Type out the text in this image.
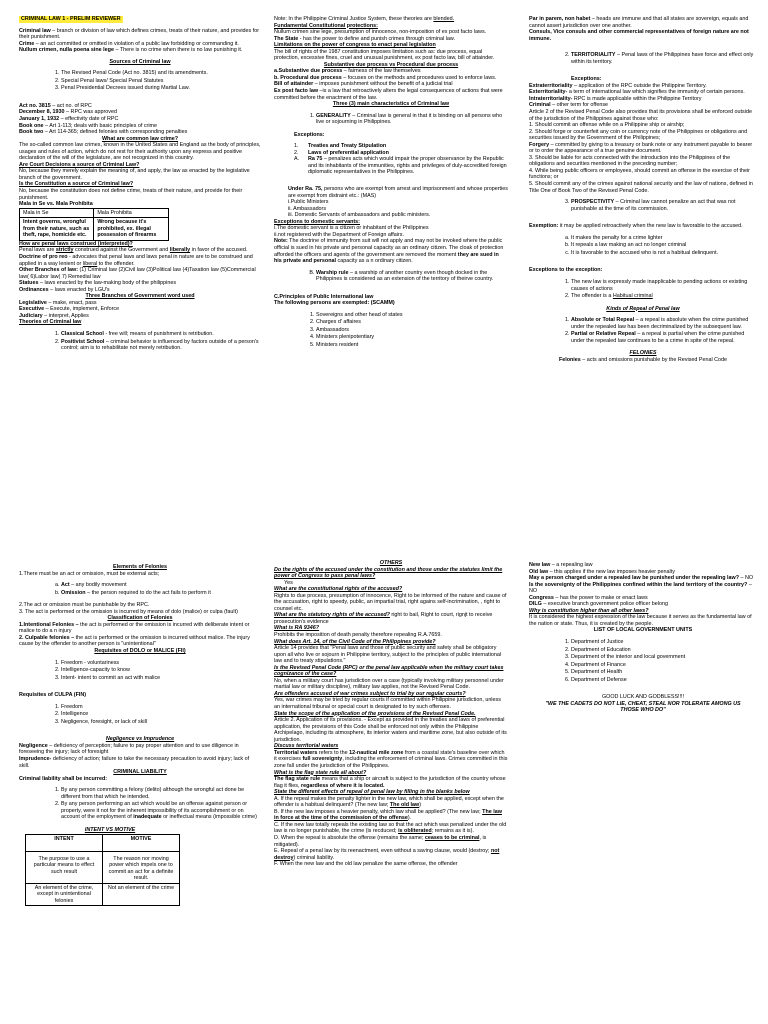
CRIMINAL LAW 1 - PRELIM REVIEWER

Criminal law – branch or division of law which defines crimes, treats of their nature, and provides for their punishment.

Crime – an act committed or omitted in violation of a public law forbidding or commanding it.

Nullum crimen, nulla poena sine lege – There is no crime when there is no law punishing it.

Sources of Criminal law

1. The Revised Penal Code (Act no. 3815) and its amendments.
2. Special Penal laws/ Special Penal Statutes
3. Penal Presidential Decrees issued during Martial Law.

Act no. 3815 – act no. of RPC

December 8, 1930 – RPC was approved

January 1, 1932 – effectivity date of RPC

Book one – Art 1-113; deals with basic principles of crime

Book two – Art 114-365; defined felonies with corresponding penalties

What are common law crime?

The so-called common law crimes, known in the United States and England as the body of principles, usages and rules of action, which do not rest for their authority upon any express and positive declaration of the will of the legislature, are not recognized in this country.

Are Court Decisions a source of Criminal Law?

No, because they merely explain the meaning of, and apply, the law as enacted by the legislative branch of the government.

Is the Constitution a source of Criminal law?

No, because the constitution does not define crime, treats of their nature, and provide for their punishment.

Mala in Se vs. Mala Prohibita

Mala in Se	Mala Prohibita
Intent governs, wrongful from their nature, such as theft, rape, homicide etc.	Wrong because it's prohibited, ex. illegal possession of firearms

How are penal laws construed (interpreted)?

Penal laws are strictly construed against the Government and liberally in favor of the accused.

Doctrine of pro reo - advocates that penal laws and laws penal in nature are to be construed and applied in a way lenient or liberal to the offender.

Other Branches of law: (1) Criminal law (2)Civil law (3)Political law (4)Taxation law (5)Commercial law( 6)Labor law( 7) Remedial law

Statues – laws enacted by the law-making body of the philippines

Ordinances – laws enacted by LGU's

Three Branches of Government word used

Legislative – make, enact, pass

Executive – Execute, implement, Enforce

Judiciary – interpret, Applies

Theories of Criminal law

1. Classical School - free will; means of punishment is retribution.
2. Positivist School – criminal behavior is influenced by factors outside of a person's control; aim is to rehabilitate not merely retribution.

Note: In the Philippine Criminal Justice System, these theories are blended.

Fundamental Constitutional protections:

Nullum crimen sine lege, presumption of innocence, non-imposition of ex post facto laws.

The State - has the power to define and punish crimes through criminal law.

Limitations on the power of congress to enact penal legislation

The bill of rights of the 1987 constitution imposes limitation such as: due process, equal protection, excessive fines, cruel and unusual punishment, ex post facto law, bill of attainder.

Substantive due process vs Procedural due process

a.Substantive due process – fairness of the law themselves

b. Procedural due process – focuses on the methods and procedures used to enforce laws.

Bill of attainder – imposes punishment without the benefit of a judicial trial

Ex post facto law –is a law that retroactively alters the legal consequences of actions that were committed before the enactment of the law.

Three (3) main characteristics of Criminal law

1. GENERALITY – Criminal law is general in that it is binding on all persons who live or sojourning in Philippines.

Exceptions:

1. Treaties and Treaty Stipulation

2. Laws of preferential application

A. Ra 75 – penalizes acts which would impair the proper observance by the Republic and its inhabitants of the immunities, rights and privileges of duly-accredited foreign diplomatic representatives in the Philippines.

Under Ra. 75, persons who are exempt from arrest and imprisonment and whose properties are exempt from distraint etc.: (MAS)

i.Public Ministers

ii. Ambassadors

iii. Domestic Servants of ambassadors and public ministers.

Exceptions to domestic servants:

i.The domestic servant is a citizen or inhabitant of the Philippines

ii.not registered with the Department of Foreign affairs.

Note: The doctrine of immunity from suit will not apply and may not be invoked where the public official is sued in his private and personal capacity as an ordinary citizen. The cloak of protection afforded the officers and agents of the government are removed the moment they are sued in his private and personal capacity as a n ordinary citizen.

B. Warship rule – a warship of another country even though docked in the Philippines is considered as an extension of the territory of theirve country.

C.Principles of Public International law

The following persons are exempted: (SCAMM)

1. Sovereigns and other head of states
2. Charges d' affaires
3. Ambassadors
4. Ministers plenipotentiary
5. Ministers resident

Par in parem, non habet – heads are immune and that all states are sovereign, equals and cannot assert jurisdiction over one another.

Consuls, Vice consuls and other commercial representatives of foreign nature are not immune.

2. TERRITORIALITY – Penal laws of the Philippines have force and effect only within its territory.

Exceptions:

Extraterritoriality – application of the RPC outside the Philippine Territory.

Exterritoriality- a term of international law which signifies the immunity of certain persons.

Intraterritoriality- RPC is made applicable within the Philippine Territory

Criminal – other term for offense

Article 2 of the Revised Penal Code also provides that its provisions shall be enforced outside of the jurisdiction of the Philippines against those who:

1. Should commit an offense while on a Philippine ship or airship;

2. Should forge or counterfeit any coin or currency note of the Philippines or obligations and securities issued by the Government of the Philippines;

Forgery – committed by giving to a treasury or bank note or any instrument payable to bearer or to order the appearance of a true genuine document.

3. Should be liable for acts connected with the introduction into the Philippines of the obligations and securities mentioned in the preceding number;

4. While being public officers or employees, should commit an offense in the exercise of their functions; or

5. Should commit any of the crimes against national security and the law of nations, defined in Title One of Book Two of the Revised Penal Code.

3. PROSPECTIVITY – Criminal law cannot penalize an act that was not punishable at the time of its commission.

Exemption: it may be applied retroactively when the new law is favorable to the accused.

a. It makes the penalty for a crime lighter
b. It repeals a law making an act no longer criminal
c. It is favorable to the accused who is not a habitual delinquent.

Exceptions to the exception:

1. The new law is expressly made inapplicable to pending actions or existing causes of actions
2. The offender is a Habitual criminal

Kinds of Repeal of Penal law

1. Absolute or Total Repeal – a repeal is absolute when the crime punished under the repealed law has been decriminalized by the subsequent law.
2. Partial or Relative Repeal – a repeal is partial when the crime punished under the repealed law continues to be a crime in spite of the repeal.

FELONIES

Felonies – acts and omissions punishable by the Revised Penal Code

Elements of Felonies

1.There must be an act or omission, must be external acts;

a. Act – any bodily movement
b. Omission – the person required to do the act fails to perform it

2.The act or omission must be punishable by the RPC.

3. The act is performed or the omission is incurred by means of dolo (malice) or culpa (fault)

Classification of Felonies

1.Intentional Felonies – the act is performed or the omission is incurred with deliberate intent or malice to do a n injury

2. Culpable felonies – the act is performed or the omission is incurred without malice. The injury cause by the offender to another person is "unintentional"

Requisites of DOLO or MALICE (FII)

1. Freedom - voluntariness
2. Intelligence-capacity to know
3. Intent- intent to commit an act with malice

Requisites of CULPA (FIN)

1. Freedom
2. Intelligence
3. Negligence, foresight, or lack of skill

Negligence vs Imprudence

Negligence – deficiency of perception; failure to pay proper attention and to use diligence in foreseeing the injury; lack of foresight

Imprudence- deficiency of action; failure to take the necessary precaution to avoid injury; lack of skill.

CRIMINAL LIABILITY

Criminal liability shall be incurred:

1. By any person committing a felony (delito) although the wrongful act done be different from that which he intended.
2. By any person performing an act which would be an offense against person or property, were it not for the inherent impossibility of its accomplishment or on account of the employment of inadequate or ineffectual means (impossible crime)

INTENT VS MOTIVE

INTENT	MOTIVE
The purpose to use a particular means to effect such result	The reason nor moving power which impels one to commit an act for a definite result.
An element of the crime, except in unintentional felonies	Not an element of the crime

OTHERS

Do the rights of the accused under the constitution and those under the statutes limit the power of Congress to pass penal laws?

Yes

What are the constitutional rights of the accused?

Rights to due process, presumption of innocence, Right to be informed of the nature and cause of the accusation, right to speedy, public, an impartial trial, right agains self-incrimination, , right to counsel etc.

What are the statutory rights of the accused? right to bail, Right to court, rignjt to receive prosecution's evidence

What is RA 9346?

Prohibits the imposition of death penalty therefore repealing R.A.7659.

What does Art. 14, of the Civil Code of the Philippines provide?

Article 14 provides that "Penal laws and those of public security and safety shall be obligatory upon all who live or sojourn in Philippine territory, subject to the principles of public international law and to treaty stipulations."

Is the Revised Penal Code (RPC) or the penal law applicable when the military court takes cognizance of the case?

No, when a military court has jurisdiction over a case (typically involving military personnel under martial law or military discipline), military law applies, not the Revised Penal Code.

Are offenders accused of war crimes subject to trial by our regular courts?

Yes, war crimes may be tried by regular courts if committed within Philippine jurisdiction, unless an international tribunal or special court is designated to try such offenses.

State the scope of the application of the provisions of the Revised Penal Code.

Article 2. Application of its provisions. - Except as provided in the treaties and laws of preferential application, the provisions of this Code shall be enforced not only within the Philippine Archipelago, including its atmosphere, its interior waters and maritime zone, but also outside of its jurisdiction.

Discuss territorial waters

Territorial waters refers to the 12-nautical mile zone from a coastal state's baseline over which it exercises full sovereignty, including the enforcement of criminal laws. Crimes committed in this zone fall under the jurisdiction of the Philippines.

What is the flag state rule all about?

The flag state rule means that a ship or aircraft is subject to the jurisdiction of the country whose flag it flies, regardless of where it is located.

State the different effects of repeal of penal law by filling in the blanks below

A. If the repeal makes the penalty lighter in the new law, which shall be applied, except when the offender is a habitual delinquent? (The new law; The old law)

B. If the new law imposes a heavier penalty, which law shall be applied? (The new law; The law in force at the time of the commission of the offense).

C. If the new law totally repeals the existing law so that the act which was penalized under the old law is no longer punishable, the crime (is recduced; is obliterated; remains as it is).

D. When the repeal is absolute the offense (remains the same; ceases to be criminal, is mitigated).

E. Repeal of a penal law by its reenactment, even without a saving clause, would (destroy; not destroy) criminal liability.

F. When the new law and the old law penalize the same offense, the offender

New law – a repealing law

Old law – this applies if the new law imposes heavier penalty

May a person charged under a repealed law be punished under the repealing law? – NO

Is the sovereignty of the Philippines confined within the land territory of the country? – NO

Congress – has the power to make or enact laws

DILG – executive branch government police officer belong

Why is constitution higher than all other laws?

It is considered the highest expression of the law because it serves as the fundamental law of the nation or state. Thus, it is created by the people.

LIST OF LOCAL GOVERNMENT UNITS

1. Department of Justice
2. Department of Education
3. Department of the interior and local government
4. Department of Finance
5. Department of Health
6. Department of Defense

GOOD LUCK AND GODBLESS!!!!

"WE THE CADETS DO NOT LIE, CHEAT, STEAL NOR TOLERATE AMONG US THOSE WHO DO"
